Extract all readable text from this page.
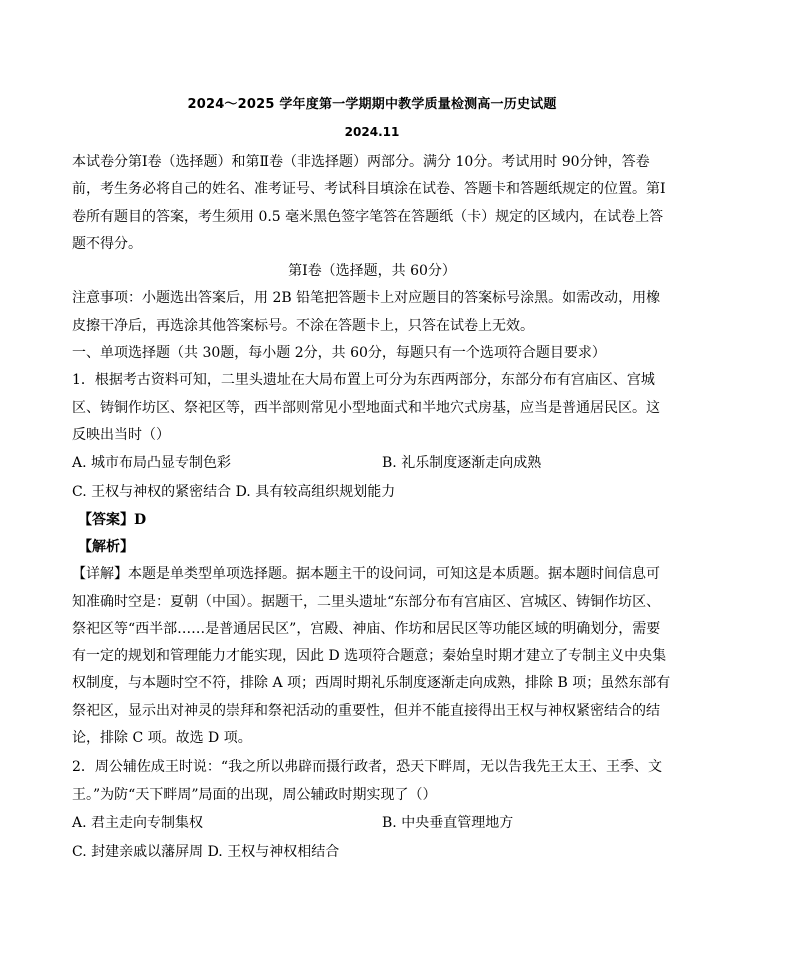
2024～2025 学年度第一学期期中教学质量检测高一历史试题
2024.11

本试卷分第Ⅰ卷（选择题）和第Ⅱ卷（非选择题）两部分。满分 10分。考试用时 90分钟，答卷前，考生务必将自己的姓名、准考证号、考试科目填涂在试卷、答题卡和答题纸规定的位置。第Ⅰ卷所有题目的答案，考生须用 0.5 毫米黑色签字笔答在答题纸（卡）规定的区域内，在试卷上答题不得分。

第Ⅰ卷（选择题，共 60分）

注意事项：小题选出答案后，用 2B 铅笔把答题卡上对应题目的答案标号涂黑。如需改动，用橡皮擦干净后，再选涂其他答案标号。不涂在答题卡上，只答在试卷上无效。

一、单项选择题（共 30题，每小题 2分，共 60分，每题只有一个选项符合题目要求）

1．根据考古资料可知，二里头遗址在大局布置上可分为东西两部分，东部分布有宫庙区、宫城区、铸铜作坊区、祭祀区等，西半部则常见小型地面式和半地穴式房基，应当是普通居民区。这反映出当时（）

A. 城市布局凸显专制色彩	B. 礼乐制度逐渐走向成熟
C. 王权与神权的紧密结合 D. 具有较高组织规划能力
【答案】D
【解析】

【详解】本题是单类型单项选择题。据本题主干的设问词，可知这是本质题。据本题时间信息可知准确时空是：夏朝（中国）。据题干，二里头遗址“东部分布有宫庙区、宫城区、铸铜作坊区、祭祀区等“西半部……是普通居民区”，宫殿、神庙、作坊和居民区等功能区域的明确划分，需要有一定的规划和管理能力才能实现，因此 D 选项符合题意；秦始皇时期才建立了专制主义中央集权制度，与本题时空不符，排除 A 项；西周时期礼乐制度逐渐走向成熟，排除 B 项；虽然东部有祭祀区，显示出对神灵的崇拜和祭祀活动的重要性，但并不能直接得出王权与神权紧密结合的结论，排除 C 项。故选 D 项。

2．周公辅佐成王时说：“我之所以弗辟而摄行政者，恐天下畔周，无以告我先王太王、王季、文王。”为防“天下畔周”局面的出现，周公辅政时期实现了（）

A. 君主走向专制集权	B. 中央垂直管理地方
C. 封建亲戚以藩屏周 D. 王权与神权相结合
